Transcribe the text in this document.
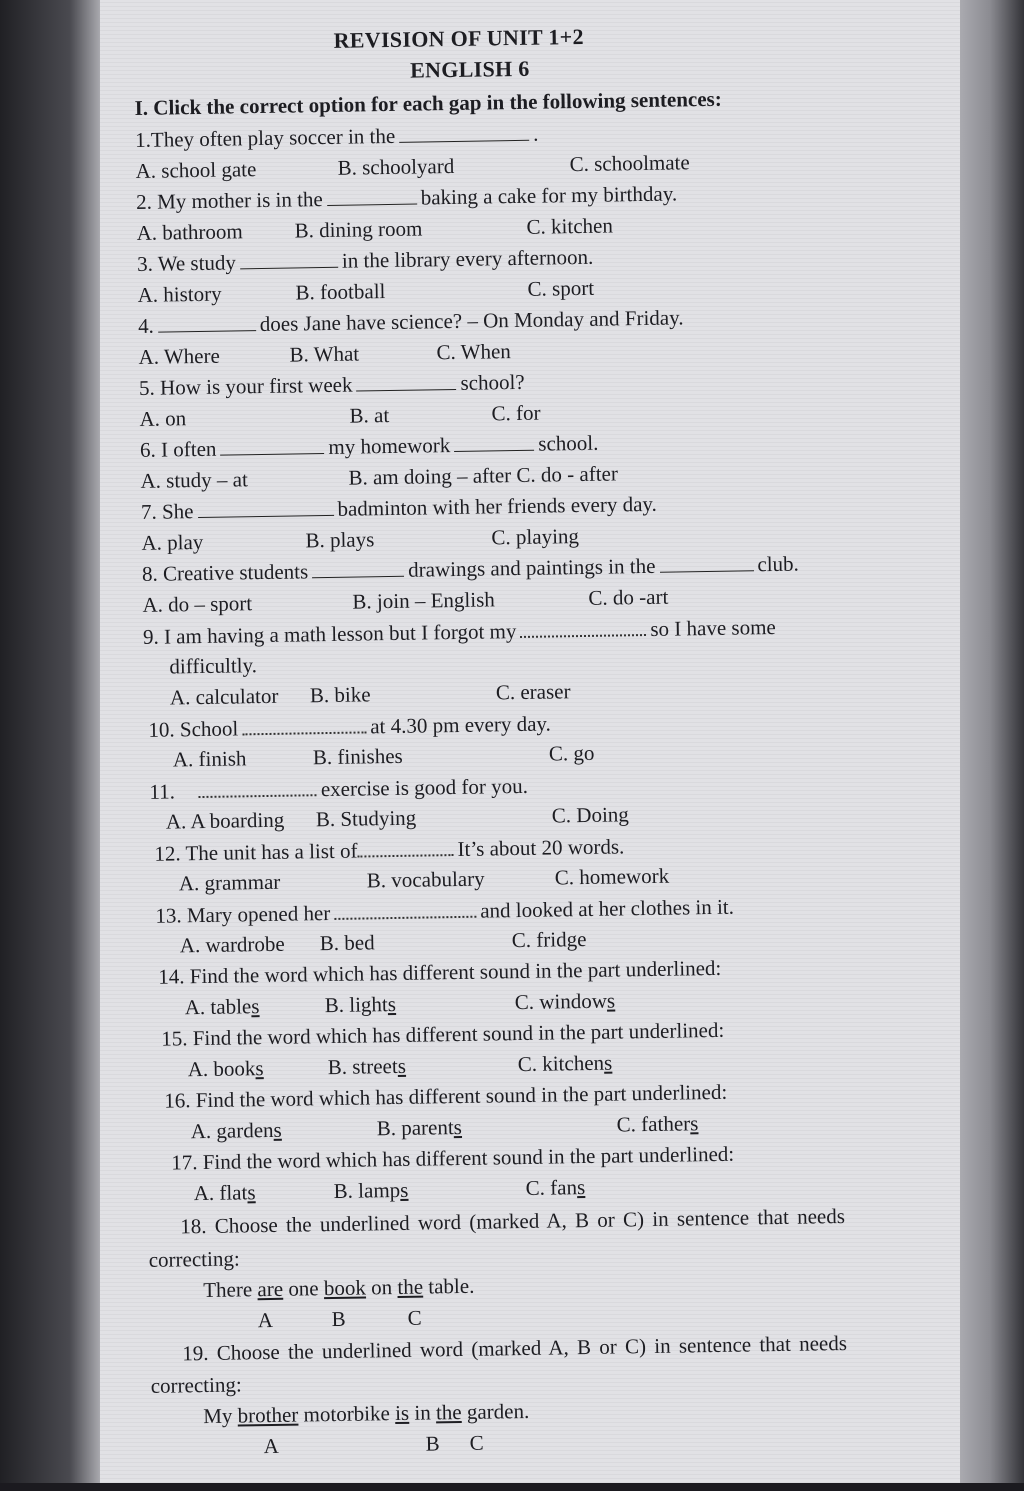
REVISION OF UNIT 1+2
ENGLISH 6
I. Click the correct option for each gap in the following sentences:
1.They often play soccer in the	.
A. school gate	B. schoolyard	C. schoolmate
2. My mother is in the	baking a cake for my birthday.
A. bathroom B. dining room	C. kitchen
3. We study	in the library every afternoon.
A. history	B. football	C. sport
4.	does Jane have science? – On Monday and Friday.
A. Where	B. What	C. When
5. How is your first week	school?
A. on	B. at	C. for
6. I often	my homework	school.
A. study – at	B. am doing – after C. do - after
7. She	badminton with her friends every day.
A. play	B. plays	C. playing
8. Creative students	drawings and paintings in the	club.
A. do – sport	B. join – English	C. do -art
9. I am having a math lesson but I forgot my	so I have some
difficultly.
A. calculator B. bike	C. eraser
10. School	at 4.30 pm every day.
A. finish	B. finishes	C. go
11.	exercise is good for you.
A. A boarding B. Studying	C. Doing
12. The unit has a list of	It’s about 20 words.
A. grammar	B. vocabulary	C. homework
13. Mary opened her	and looked at her clothes in it.
A. wardrobe B. bed	C. fridge
14. Find the word which has different sound in the part underlined:
A. tables	B. lights	C. windows
15. Find the word which has different sound in the part underlined:
A. books	B. streets	C. kitchens
16. Find the word which has different sound in the part underlined:
A. gardens	B. parents	C. fathers
17. Find the word which has different sound in the part underlined:
A. flats	B. lamps	C. fans
18. Choose the underlined word (marked A, B or C) in sentence that needs
correcting:
There are one book on the table.
A	B	C
19. Choose the underlined word (marked A, B or C) in sentence that needs
correcting:
My brother motorbike is in the garden.
A	B C
